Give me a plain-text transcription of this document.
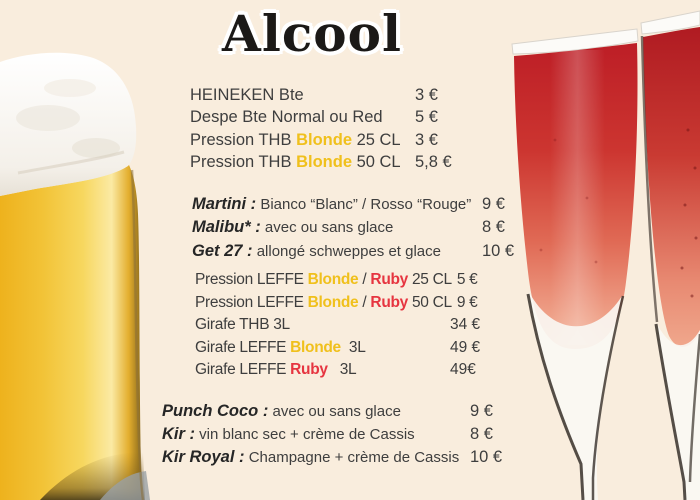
Alcool
HEINEKEN Bte	3 €
Despe Bte Normal ou Red 5 €
Pression THB Blonde 25 CL 3 €
Pression THB Blonde 50 CL 5,8 €
Martini : Bianco “Blanc” / Rosso “Rouge” 9 €
Malibu* : avec ou sans glace	8 €
Get 27 : allongé schweppes et glace 10 €
Pression LEFFE Blonde / Ruby 25 CL 5 €
Pression LEFFE Blonde / Ruby 50 CL 9 €
Girafe THB 3L	34 €
Girafe LEFFE Blonde  3L	49 €
Girafe LEFFE Ruby   3L	49€
Punch Coco : avec ou sans glace	9 €
Kir : vin blanc sec + crème de Cassis	8 €
Kir Royal : Champagne + crème de Cassis 10 €
